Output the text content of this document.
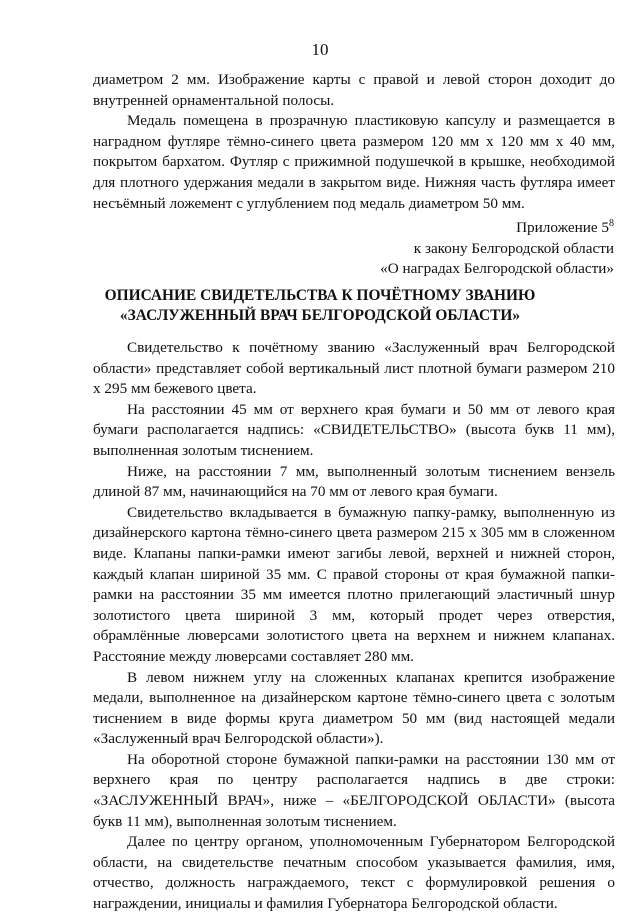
10

диаметром 2 мм. Изображение карты с правой и левой сторон доходит до внутренней орнаментальной полосы.

Медаль помещена в прозрачную пластиковую капсулу и размещается в наградном футляре тёмно-синего цвета размером 120 мм x 120 мм x 40 мм, покрытом бархатом. Футляр с прижимной подушечкой в крышке, необходимой для плотного удержания медали в закрытом виде. Нижняя часть футляра имеет несъёмный ложемент с углублением под медаль диаметром 50 мм.

Приложение $5^8$
к закону Белгородской области
«О наградах Белгородской области»
ОПИСАНИЕ СВИДЕТЕЛЬСТВА К ПОЧЁТНОМУ ЗВАНИЮ
«ЗАСЛУЖЕННЫЙ ВРАЧ БЕЛГОРОДСКОЙ ОБЛАСТИ»

Свидетельство к почётному званию «Заслуженный врач Белгородской области» представляет собой вертикальный лист плотной бумаги размером 210 x 295 мм бежевого цвета.

На расстоянии 45 мм от верхнего края бумаги и 50 мм от левого края бумаги располагается надпись: «СВИДЕТЕЛЬСТВО» (высота букв 11 мм), выполненная золотым тиснением.

Ниже, на расстоянии 7 мм, выполненный золотым тиснением вензель длиной 87 мм, начинающийся на 70 мм от левого края бумаги.

Свидетельство вкладывается в бумажную папку-рамку, выполненную из дизайнерского картона тёмно-синего цвета размером 215 x 305 мм в сложенном виде. Клапаны папки-рамки имеют загибы левой, верхней и нижней сторон, каждый клапан шириной 35 мм. С правой стороны от края бумажной папки-рамки на расстоянии 35 мм имеется плотно прилегающий эластичный шнур золотистого цвета шириной 3 мм, который продет через отверстия, обрамлённые люверсами золотистого цвета на верхнем и нижнем клапанах. Расстояние между люверсами составляет 280 мм.

В левом нижнем углу на сложенных клапанах крепится изображение медали, выполненное на дизайнерском картоне тёмно-синего цвета с золотым тиснением в виде формы круга диаметром 50 мм (вид настоящей медали «Заслуженный врач Белгородской области»).

На оборотной стороне бумажной папки-рамки на расстоянии 130 мм от верхнего края по центру располагается надпись в две строки: «ЗАСЛУЖЕННЫЙ ВРАЧ», ниже – «БЕЛГОРОДСКОЙ ОБЛАСТИ» (высота букв 11 мм), выполненная золотым тиснением.

Далее по центру органом, уполномоченным Губернатором Белгородской области, на свидетельстве печатным способом указывается фамилия, имя, отчество, должность награждаемого, текст с формулировкой решения о награждении, инициалы и фамилия Губернатора Белгородской области.
